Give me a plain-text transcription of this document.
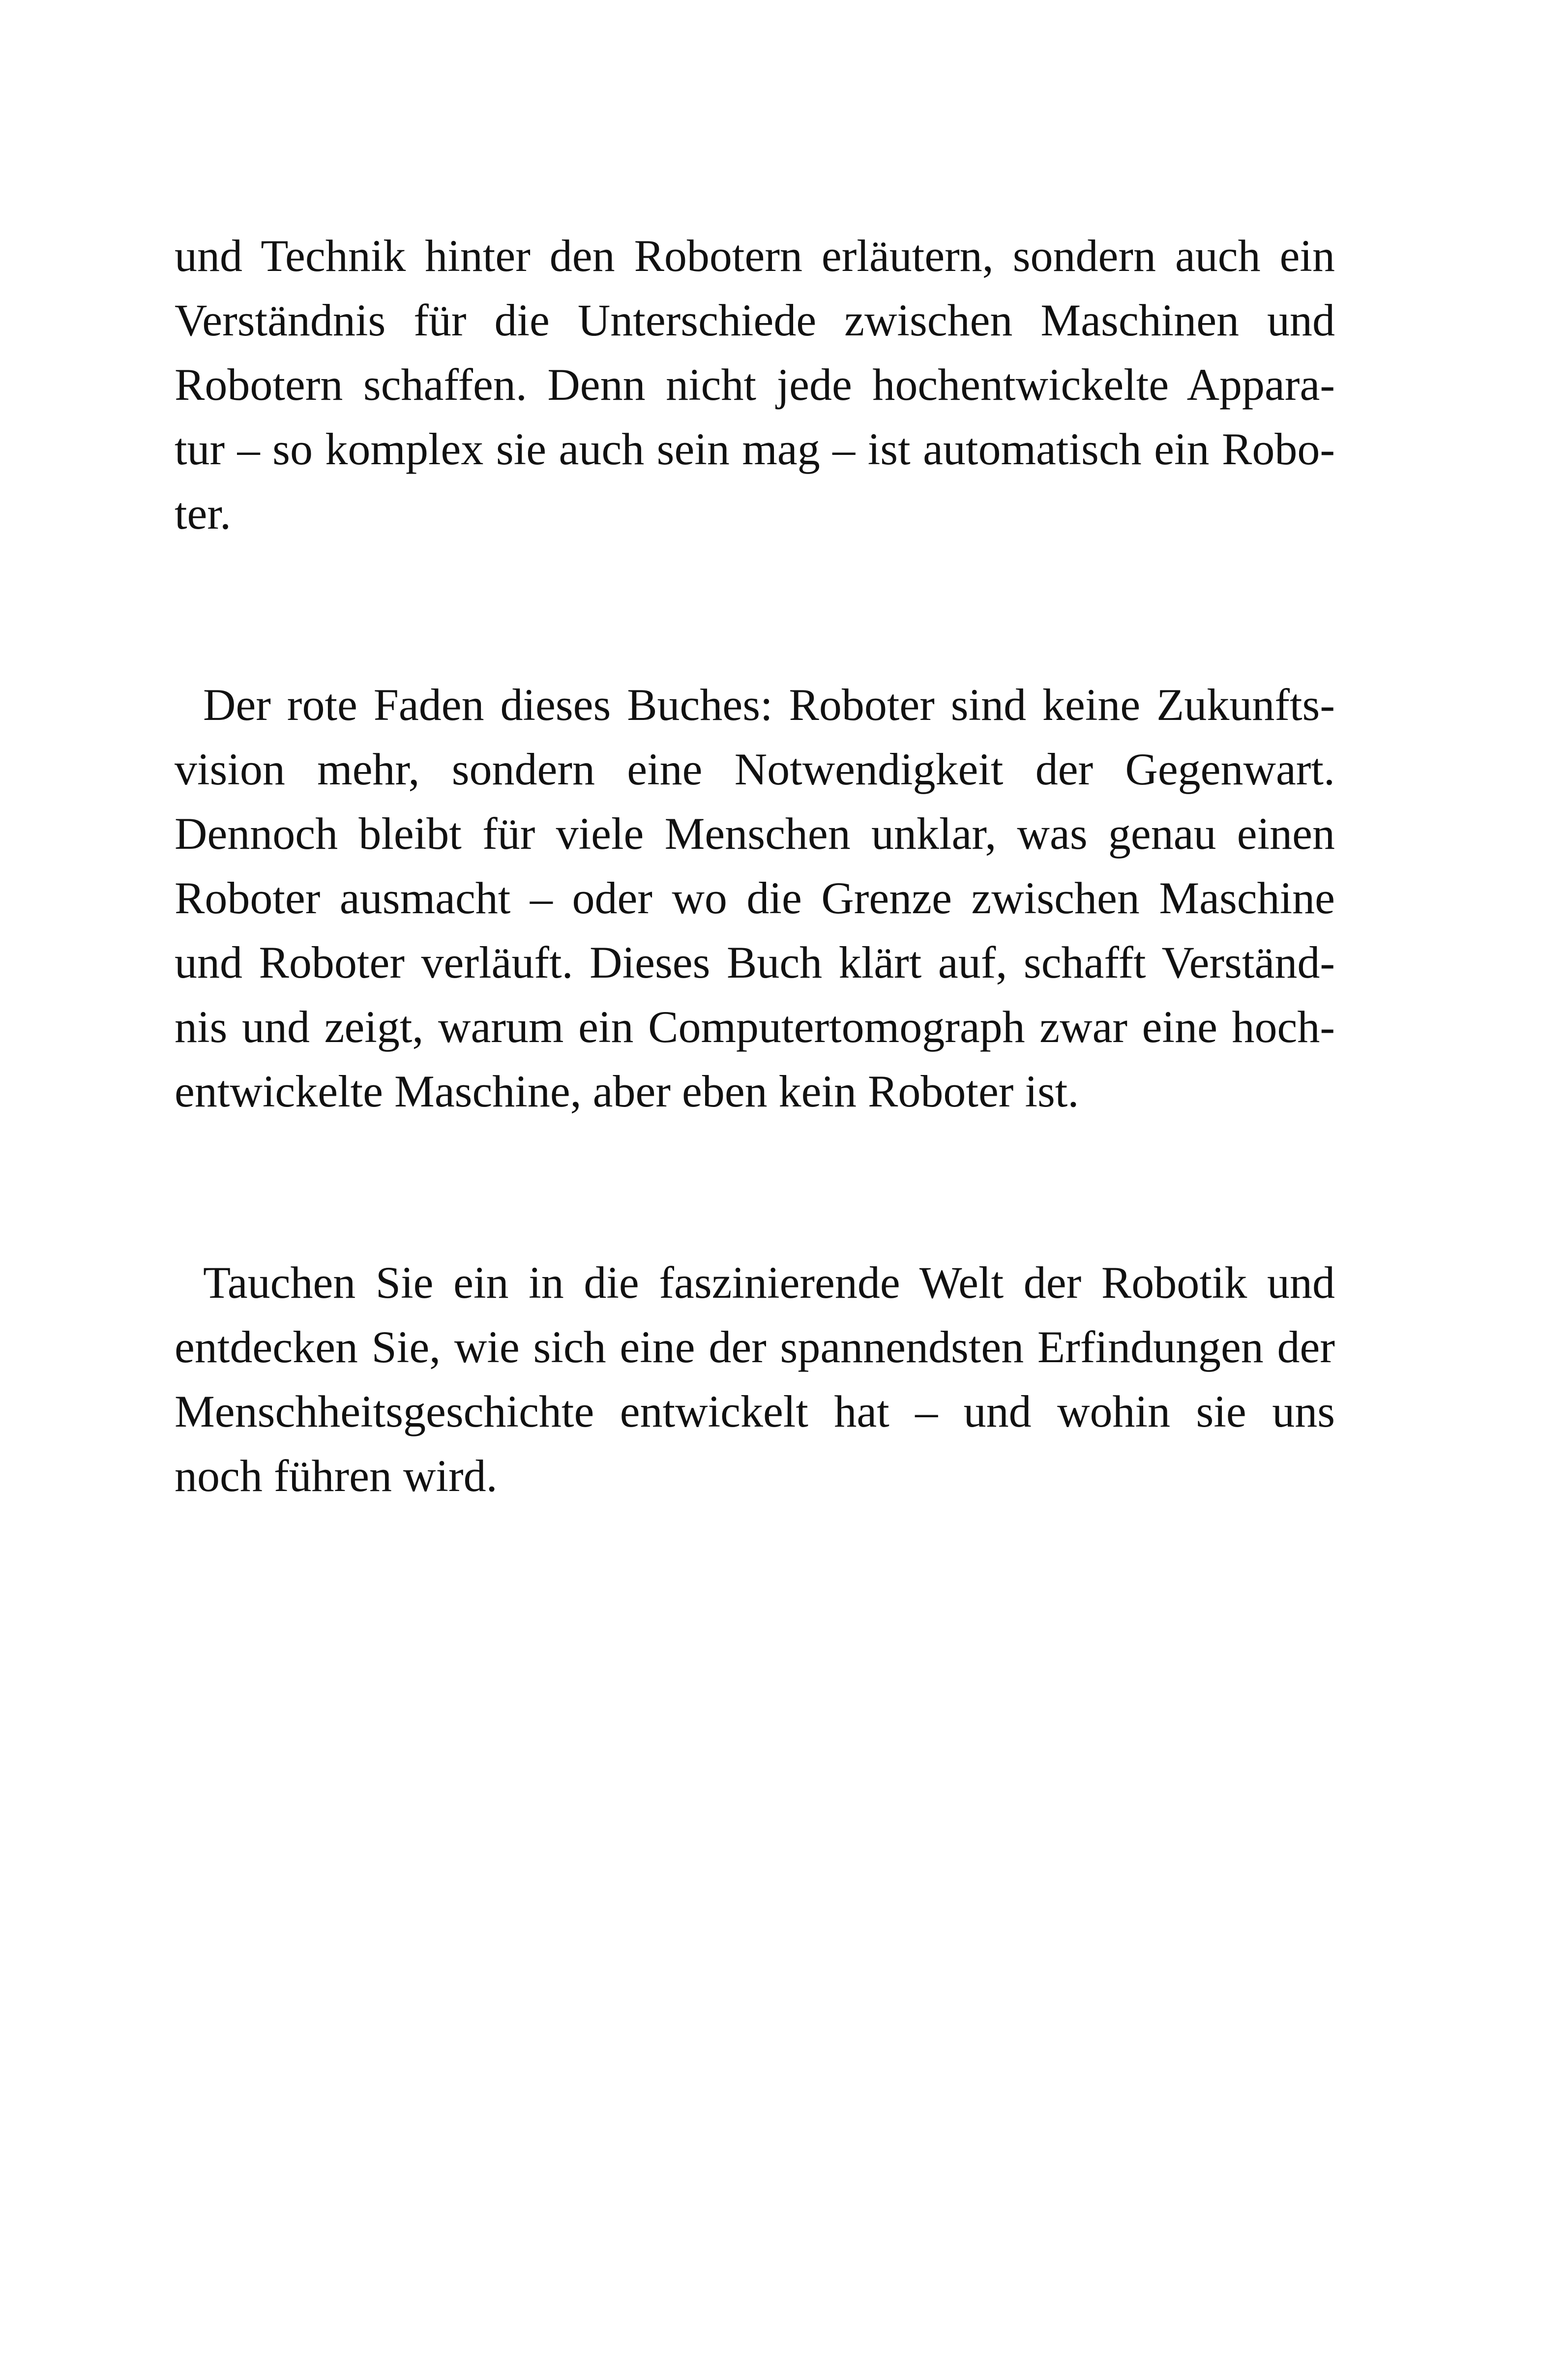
und Technik hinter den Robotern erläutern, sondern auch ein
Verständnis für die Unterschiede zwischen Maschinen und
Robotern schaffen. Denn nicht jede hochentwickelte Appara-
tur – so komplex sie auch sein mag – ist automatisch ein Robo-
ter.
Der rote Faden dieses Buches: Roboter sind keine Zukunfts-
vision mehr, sondern eine Notwendigkeit der Gegenwart.
Dennoch bleibt für viele Menschen unklar, was genau einen
Roboter ausmacht – oder wo die Grenze zwischen Maschine
und Roboter verläuft. Dieses Buch klärt auf, schafft Verständ-
nis und zeigt, warum ein Computertomograph zwar eine hoch-
entwickelte Maschine, aber eben kein Roboter ist.
Tauchen Sie ein in die faszinierende Welt der Robotik und
entdecken Sie, wie sich eine der spannendsten Erfindungen der
Menschheitsgeschichte entwickelt hat – und wohin sie uns
noch führen wird.
